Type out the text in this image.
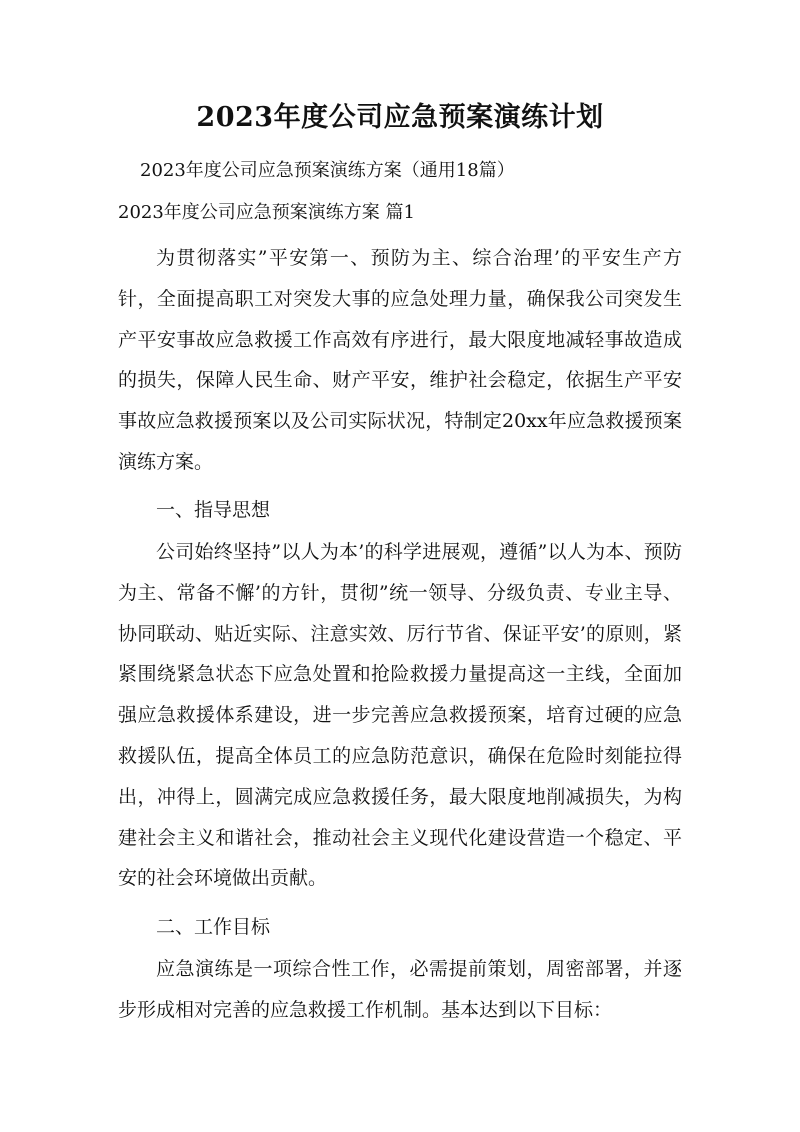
2023年度公司应急预案演练计划
2023年度公司应急预案演练方案（通用18篇）
2023年度公司应急预案演练方案 篇1

为贯彻落实”平安第一、预防为主、综合治理’的平安生产方针，全面提高职工对突发大事的应急处理力量，确保我公司突发生产平安事故应急救援工作高效有序进行，最大限度地减轻事故造成的损失，保障人民生命、财产平安，维护社会稳定，依据生产平安事故应急救援预案以及公司实际状况，特制定20xx年应急救援预案演练方案。

一、指导思想

公司始终坚持”以人为本’的科学进展观，遵循”以人为本、预防为主、常备不懈’的方针，贯彻”统一领导、分级负责、专业主导、协同联动、贴近实际、注意实效、厉行节省、保证平安’的原则，紧紧围绕紧急状态下应急处置和抢险救援力量提高这一主线，全面加强应急救援体系建设，进一步完善应急救援预案，培育过硬的应急救援队伍，提高全体员工的应急防范意识，确保在危险时刻能拉得出，冲得上，圆满完成应急救援任务，最大限度地削减损失，为构建社会主义和谐社会，推动社会主义现代化建设营造一个稳定、平安的社会环境做出贡献。

二、工作目标

应急演练是一项综合性工作，必需提前策划，周密部署，并逐步形成相对完善的应急救援工作机制。基本达到以下目标：
